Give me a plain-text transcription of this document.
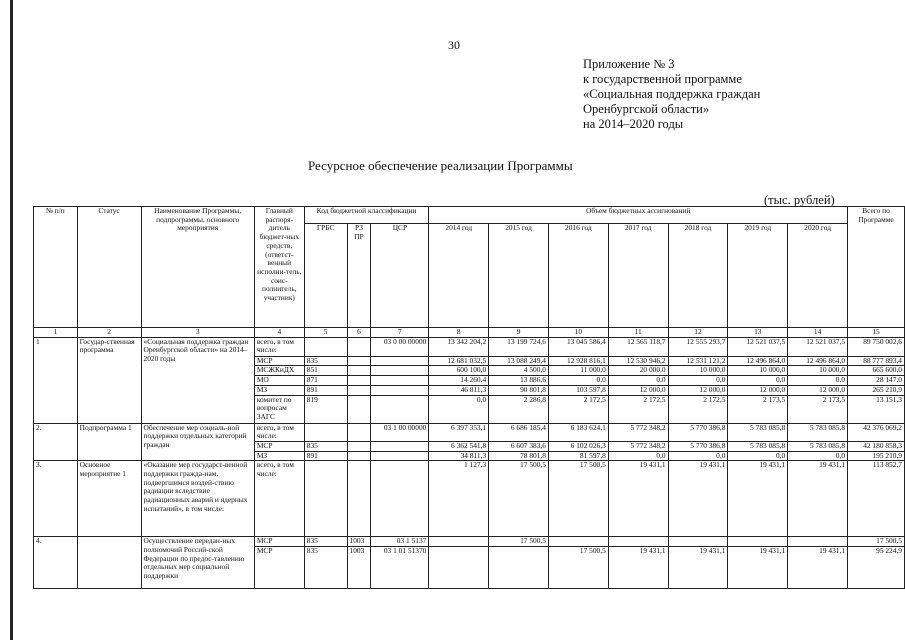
30
Приложение № 3
к государственной программе
«Социальная поддержка граждан
Оренбургской области»
на 2014–2020 годы
Ресурсное обеспечение реализации Программы
(тыс. рублей)
№ п/п	Статус	Наименование Программы, подпрограммы, основного мероприятия	Главный распоря-дитель бюджет-ных средств, (ответст-венный исполни-тель, соис-полнитель, участник)	Код бюджетной классификации			Объем бюджетных ассигнований							Всего по Программе
				ГРБС	РЗ ПР	ЦСР	2014 год	2015 год	2016 год	2017 год	2018 год	2019 год	2020 год	
1	2	3	4	5	6	7	8	9	10	11	12	13	14	15
1	Государ-ственная программа	«Социальная поддержка граждан Оренбургской области» на 2014–2020 годы	всего, в том числе:			03 0 00 00000	13 342 204,2	13 199 724,6	13 045 586,4	12 565 118,7	12 555 293,7	12 521 037,5	12 521 037,5	89 750 002,6
			МСР	835			12 681 032,5	13 088 249,4	12 928 816,1	12 530 946,2	12 531 121,2	12 496 864,0	12 496 864,0	88 777 893,4
			МСЖКиДХ	851			600 100,0	4 500,0	11 000,0	20 000,0	10 000,0	10 000,0	10 000,0	665 600,0
			МО	871			14 260,4	13 886,6	0,0	0,0	0,0	0,0	0,0	28 147,0
			МЗ	891			46 811,3	90 801,8	103 597,8	12 000,0	12 000,0	12 000,0	12 000,0	265 210,9
			комитет по вопросам ЗАГС	819			0,0	2 286,8	2 172,5	2 172,5	2 172,5	2 173,5	2 173,5	13 151,3
2.	Подпрограмма 1	Обеспечение мер социаль-ной поддержки отдельных категорий граждан	всего, в том числе:			03 1 00 00000	6 397 353,1	6 686 185,4	6 183 624,1	5 772 348,2	5 770 386,8	5 783 085,8	5 783 085,8	42 376 069,2
			МСР	835			6 362 541,8	6 607 383,6	6 102 026,3	5 772 348,2	5 770 386,8	5 783 085,8	5 783 085,8	42 180 858,3
			МЗ	891			34 811,3	78 801,8	81 597,8	0,0	0,0	0,0	0,0	195 210,9
3.	Основное мероприятие 1	«Оказание мер государст-венной поддержки гражда-нам, подвергшимся воздей-ствию радиации вследствие радиационных аварий и ядерных испытаний», в том числе:	всего, в том числе:				1 127,3	17 500,5	17 500,5	19 431,1	19 431,1	19 431,1	19 431,1	113 852,7
4.		Осуществление передан-ных полномочий Россий-ской Федерации по предос-тавлению отдельных мер социальной поддержки	МСР	835	1003	03 1 5137		17 500,5						17 500,5
			МСР	835	1003	03 1 01 51370			17 500,5	19 431,1	19 431,1	19 431,1	19 431,1	95 224,9
